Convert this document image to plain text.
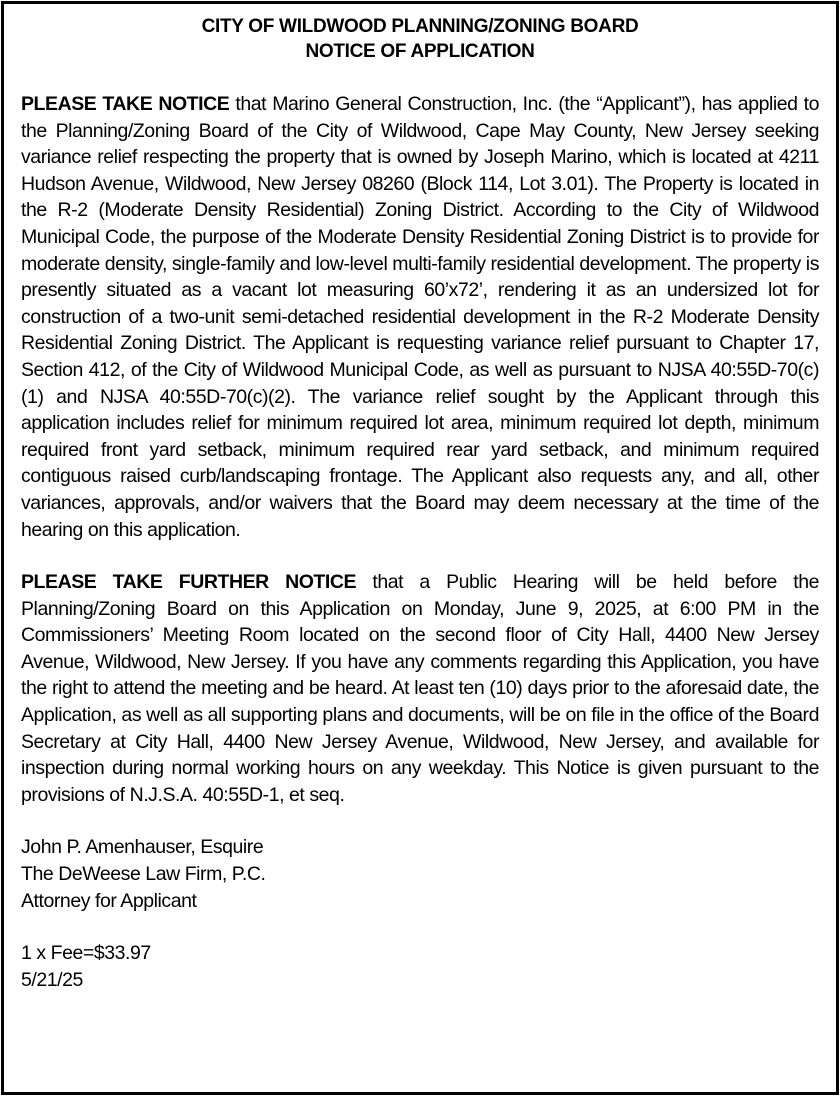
CITY OF WILDWOOD PLANNING/ZONING BOARD
NOTICE OF APPLICATION

PLEASE TAKE NOTICE that Marino General Construction, Inc. (the “Applicant”), has applied to the Planning/Zoning Board of the City of Wildwood, Cape May County, New Jersey seeking variance relief respecting the property that is owned by Joseph Marino, which is located at 4211 Hudson Avenue, Wildwood, New Jersey 08260 (Block 114, Lot 3.01). The Property is located in the R-2 (Moderate Density Residential) Zoning District. According to the City of Wildwood Municipal Code, the purpose of the Moderate Density Residential Zoning District is to provide for moderate density, single-family and low-level multi-family residential development. The property is presently situated as a vacant lot measuring 60’x72’, rendering it as an undersized lot for construction of a two-unit semi-detached residential development in the R-2 Moderate Density Residential Zoning District. The Applicant is requesting variance relief pursuant to Chapter 17, Section 412, of the City of Wildwood Municipal Code, as well as pursuant to NJSA 40:55D-70(c)(1) and NJSA 40:55D-70(c)(2). The variance relief sought by the Applicant through this application includes relief for minimum required lot area, minimum required lot depth, minimum required front yard setback, minimum required rear yard setback, and minimum required contiguous raised curb/landscaping frontage. The Applicant also requests any, and all, other variances, approvals, and/or waivers that the Board may deem necessary at the time of the hearing on this application.

PLEASE TAKE FURTHER NOTICE that a Public Hearing will be held before the Planning/Zoning Board on this Application on Monday, June 9, 2025, at 6:00 PM in the Commissioners’ Meeting Room located on the second floor of City Hall, 4400 New Jersey Avenue, Wildwood, New Jersey. If you have any comments regarding this Application, you have the right to attend the meeting and be heard. At least ten (10) days prior to the aforesaid date, the Application, as well as all supporting plans and documents, will be on file in the office of the Board Secretary at City Hall, 4400 New Jersey Avenue, Wildwood, New Jersey, and available for inspection during normal working hours on any weekday. This Notice is given pursuant to the provisions of N.J.S.A. 40:55D-1, et seq.

John P. Amenhauser, Esquire
The DeWeese Law Firm, P.C.
Attorney for Applicant
1 x Fee=$33.97
5/21/25
